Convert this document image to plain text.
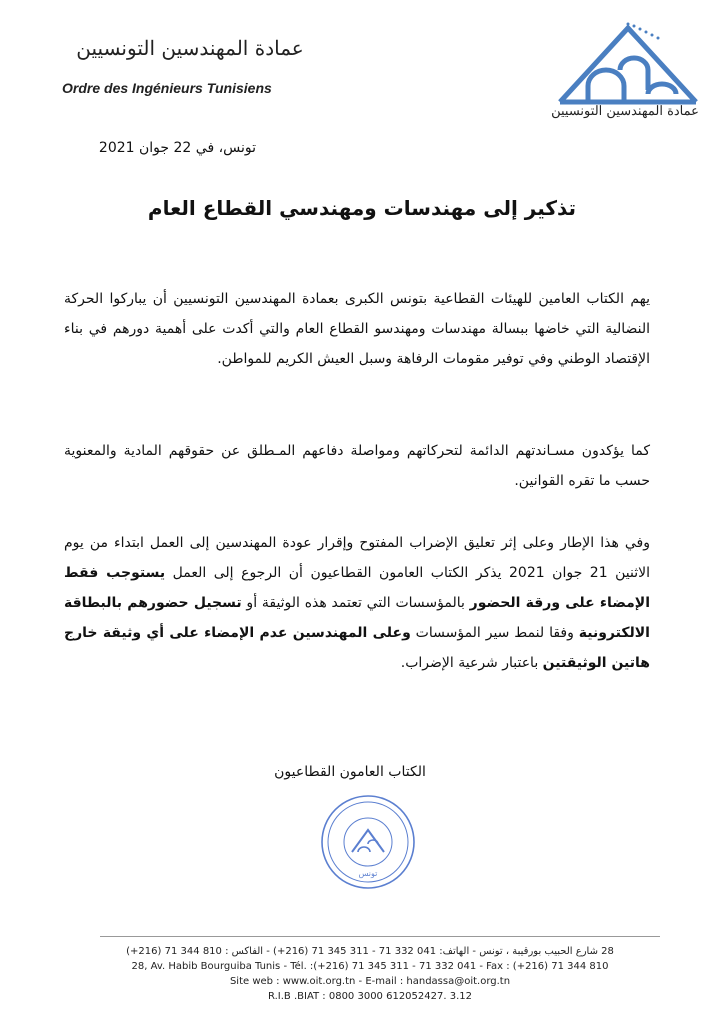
عمادة المهندسين التونسيين
Ordre des Ingénieurs Tunisiens
عمادة المهندسين التونسيين
تونس، في 22 جوان 2021
تذكير إلى مهندسات ومهندسي القطاع العام
يهم الكتاب العامين للهيئات القطاعية بتونس الكبرى بعمادة المهندسين التونسيين أن يباركوا الحركة النضالية التي خاضها ببسالة مهندسات ومهندسو القطاع العام والتي أكدت على أهمية دورهم في بناء الإقتصاد الوطني وفي توفير مقومات الرفاهة وسبل العيش الكريم للمواطن.
كما يؤكدون مسـاندتهم الدائمة لتحركاتهم ومواصلة دفاعهم المـطلق عن حقوقهم المادية والمعنوية حسب ما تقره القوانين.
وفي هذا الإطار وعلى إثر تعليق الإضراب المفتوح وإقرار عودة المهندسين إلى العمل ابتداء من يوم الاثنين 21 جوان 2021 يذكر الكتاب العامون القطاعيون أن الرجوع إلى العمل يستوجب فقط الإمضاء على ورقة الحضور بالمؤسسات التي تعتمد هذه الوثيقة أو تسجيل حضورهم بالبطاقة الالكترونية وفقا لنمط سير المؤسسات وعلى المهندسين عدم الإمضاء على أي وثيقة خارج هاتين الوثيقتين باعتبار شرعية الإضراب.
الكتاب العامون القطاعيون
تونس
28 شارع الحبيب بورقيبة ، تونس - الهاتف: 041 332 71 - 311 345 71 (216+) - الفاكس : 810 344 71 (216+)
28, Av. Habib Bourguiba Tunis - Tél. :(+216) 71 345 311 - 71 332 041 - Fax : (+216) 71 344 810
Site web : www.oit.org.tn - E-mail : handassa@oit.org.tn
R.I.B .BIAT : 0800 3000 612052427. 3.12
